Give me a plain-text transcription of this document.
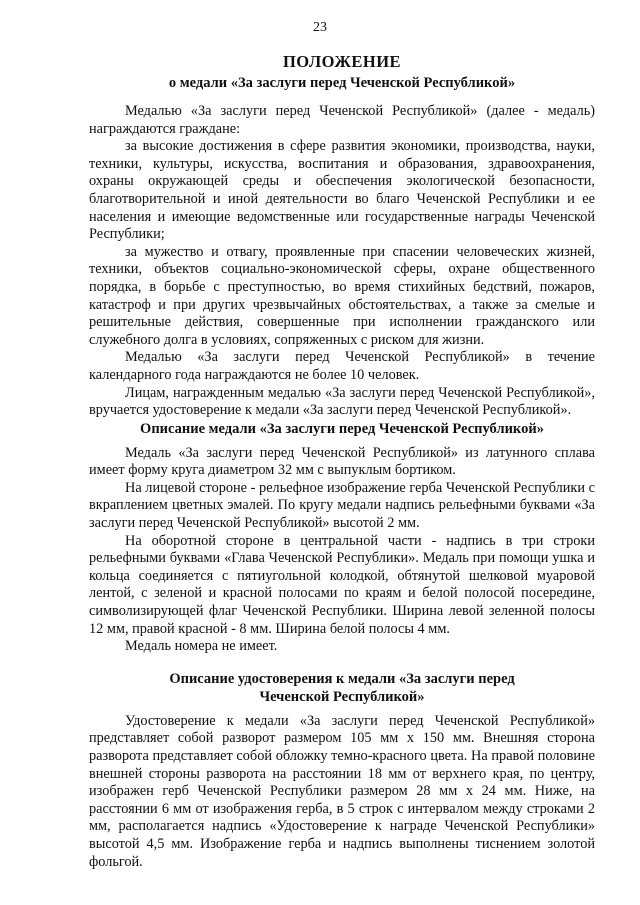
23
ПОЛОЖЕНИЕ
о медали «За заслуги перед Чеченской Республикой»

Медалью «За заслуги перед Чеченской Республикой» (далее - медаль) награждаются граждане:

за высокие достижения в сфере развития экономики, производства, науки, техники, культуры, искусства, воспитания и образования, здравоохранения, охраны окружающей среды и обеспечения экологической безопасности, благотворительной и иной деятельности во благо Чеченской Республики и ее населения и имеющие ведомственные или государственные награды Чеченской Республики;

за мужество и отвагу, проявленные при спасении человеческих жизней, техники, объектов социально-экономической сферы, охране общественного порядка, в борьбе с преступностью, во время стихийных бедствий, пожаров, катастроф и при других чрезвычайных обстоятельствах, а также за смелые и решительные действия, совершенные при исполнении гражданского или служебного долга в условиях, сопряженных с риском для жизни.

Медалью «За заслуги перед Чеченской Республикой» в течение календарного года награждаются не более 10 человек.

Лицам, награжденным медалью «За заслуги перед Чеченской Республикой», вручается удостоверение к медали «За заслуги перед Чеченской Республикой».

Описание медали «За заслуги перед Чеченской Республикой»

Медаль «За заслуги перед Чеченской Республикой» из латунного сплава имеет форму круга диаметром 32 мм с выпуклым бортиком.

На лицевой стороне - рельефное изображение герба Чеченской Республики с вкраплением цветных эмалей. По кругу медали надпись рельефными буквами «За заслуги перед Чеченской Республикой» высотой 2 мм.

На оборотной стороне в центральной части - надпись в три строки рельефными буквами «Глава Чеченской Республики». Медаль при помощи ушка и кольца соединяется с пятиугольной колодкой, обтянутой шелковой муаровой лентой, с зеленой и красной полосами по краям и белой полосой посередине, символизирующей флаг Чеченской Республики. Ширина левой зеленной полосы 12 мм, правой красной - 8 мм. Ширина белой полосы 4 мм.

Медаль номера не имеет.

Описание удостоверения к медали «За заслуги перед
Чеченской Республикой»

Удостоверение к медали «За заслуги перед Чеченской Республикой» представляет собой разворот размером 105 мм х 150 мм. Внешняя сторона разворота представляет собой обложку темно-красного цвета. На правой половине внешней стороны разворота на расстоянии 18 мм от верхнего края, по центру, изображен герб Чеченской Республики размером 28 мм х 24 мм. Ниже, на расстоянии 6 мм от изображения герба, в 5 строк с интервалом между строками 2 мм, располагается надпись «Удостоверение к награде Чеченской Республики» высотой 4,5 мм. Изображение герба и надпись выполнены тиснением золотой фольгой.
